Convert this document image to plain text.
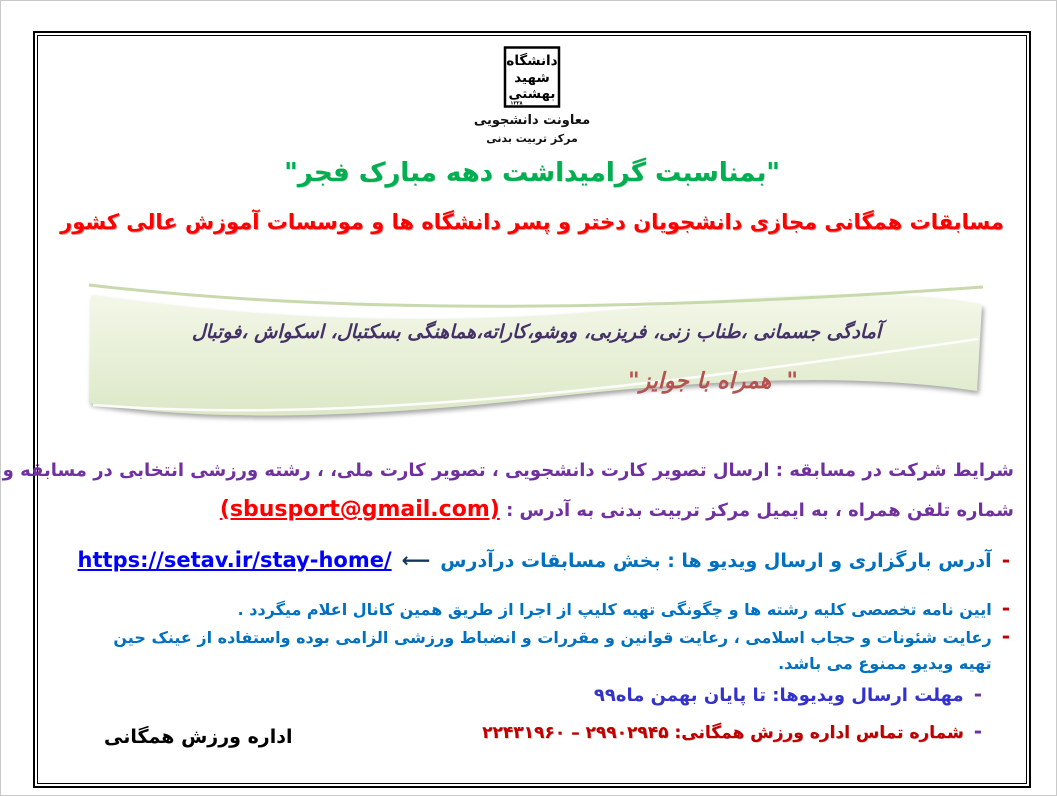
دانشگاه
شهید
بهشتی
۱۳۳۸
معاونت دانشجویی
مرکز تربیت بدنی
"بمناسبت گرامیداشت دهه مبارک فجر"
مسابقات همگانی مجازی دانشجویان دختر و پسر دانشگاه ها و موسسات آموزش عالی کشور
آمادگی جسمانی ،طناب زنی، فریزبی، ووشو،کاراته،هماهنگی بسکتبال، اسکواش ،فوتبال
"  همراه با جوایز"
شرایط شرکت در مسابقه : ارسال تصویر کارت دانشجویی ، تصویر کارت ملی، ، رشته ورزشی انتخابی در مسابقه و
شماره تلفن همراه ، به ایمیل مرکز تربیت بدنی به آدرس : (sbusport@gmail.com)
-
آدرس بارگزاری و ارسال ویدیو ها : بخش مسابقات درآدرس
⟵
https://setav.ir/stay-home/
-
ایین نامه تخصصی کلیه رشته ها و چگونگی تهیه کلیپ از اجرا از طریق همین کانال اعلام میگردد .
-
رعایت شئونات و حجاب اسلامی ، رعایت قوانین و مقررات و انضباط ورزشی الزامی بوده واستفاده از عینک حین تهیه ویدیو ممنوع می باشد.
-
مهلت ارسال ویدیوها: تا پایان بهمن ماه۹۹
-
شماره تماس اداره ورزش همگانی: ۲۹۹۰۲۹۴۵ – ۲۲۴۳۱۹۶۰
اداره ورزش همگانی
